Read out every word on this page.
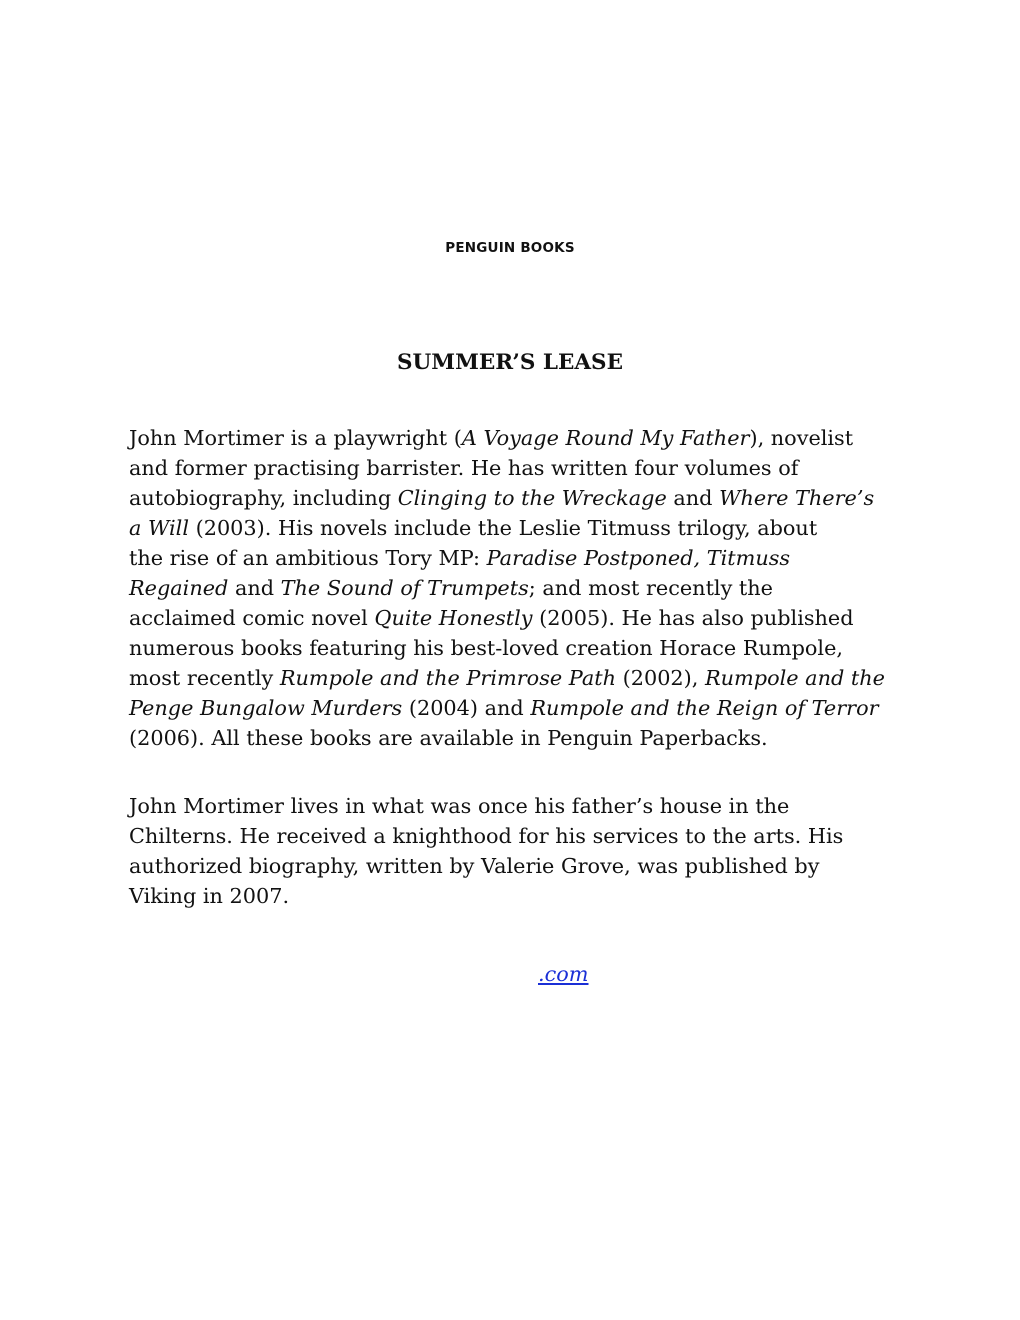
PENGUIN BOOKS
SUMMER’S LEASE

John Mortimer is a playwright (A Voyage Round My Father), novelist
and former practising barrister. He has written four volumes of
autobiography, including Clinging to the Wreckage and Where There’s
a Will (2003). His novels include the Leslie Titmuss trilogy, about
the rise of an ambitious Tory MP: Paradise Postponed, Titmuss
Regained and The Sound of Trumpets; and most recently the
acclaimed comic novel Quite Honestly (2005). He has also published
numerous books featuring his best-loved creation Horace Rumpole,
most recently Rumpole and the Primrose Path (2002), Rumpole and the
Penge Bungalow Murders (2004) and Rumpole and the Reign of Terror
(2006). All these books are available in Penguin Paperbacks.

John Mortimer lives in what was once his father’s house in the
Chilterns. He received a knighthood for his services to the arts. His
authorized biography, written by Valerie Grove, was published by
Viking in 2007.

.com
